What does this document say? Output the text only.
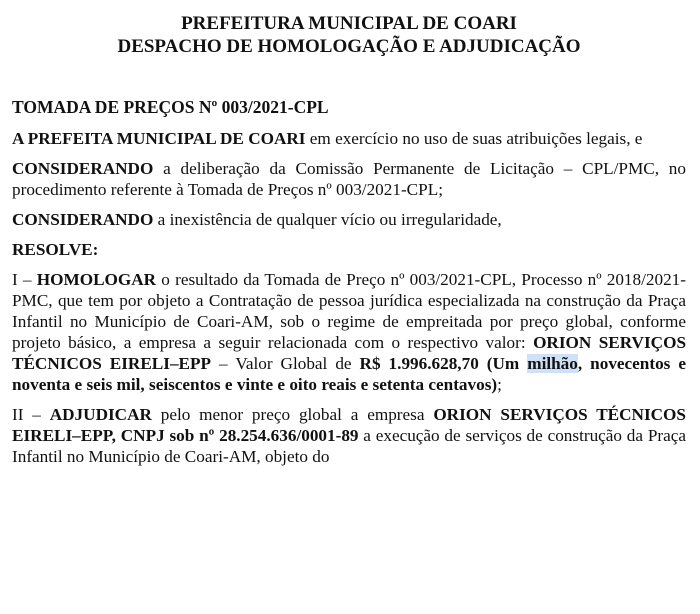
PREFEITURA MUNICIPAL DE COARI
DESPACHO DE HOMOLOGAÇÃO E ADJUDICAÇÃO
TOMADA DE PREÇOS Nº 003/2021-CPL

A PREFEITA MUNICIPAL DE COARI em exercício no uso de suas atribuições legais, e

CONSIDERANDO a deliberação da Comissão Permanente de Licitação – CPL/PMC, no procedimento referente à Tomada de Preços nº 003/2021-CPL;

CONSIDERANDO a inexistência de qualquer vício ou irregularidade,

RESOLVE:

I – HOMOLOGAR o resultado da Tomada de Preço nº 003/2021-CPL, Processo nº 2018/2021-PMC, que tem por objeto a Contratação de pessoa jurídica especializada na construção da Praça Infantil no Município de Coari-AM, sob o regime de empreitada por preço global, conforme projeto básico, a empresa a seguir relacionada com o respectivo valor: ORION SERVIÇOS TÉCNICOS EIRELI–EPP – Valor Global de R$ 1.996.628,70 (Um milhão, novecentos e noventa e seis mil, seiscentos e vinte e oito reais e setenta centavos);

II – ADJUDICAR pelo menor preço global a empresa ORION SERVIÇOS TÉCNICOS EIRELI–EPP, CNPJ sob nº 28.254.636/0001-89 a execução de serviços de construção da Praça Infantil no Município de Coari-AM, objeto do
